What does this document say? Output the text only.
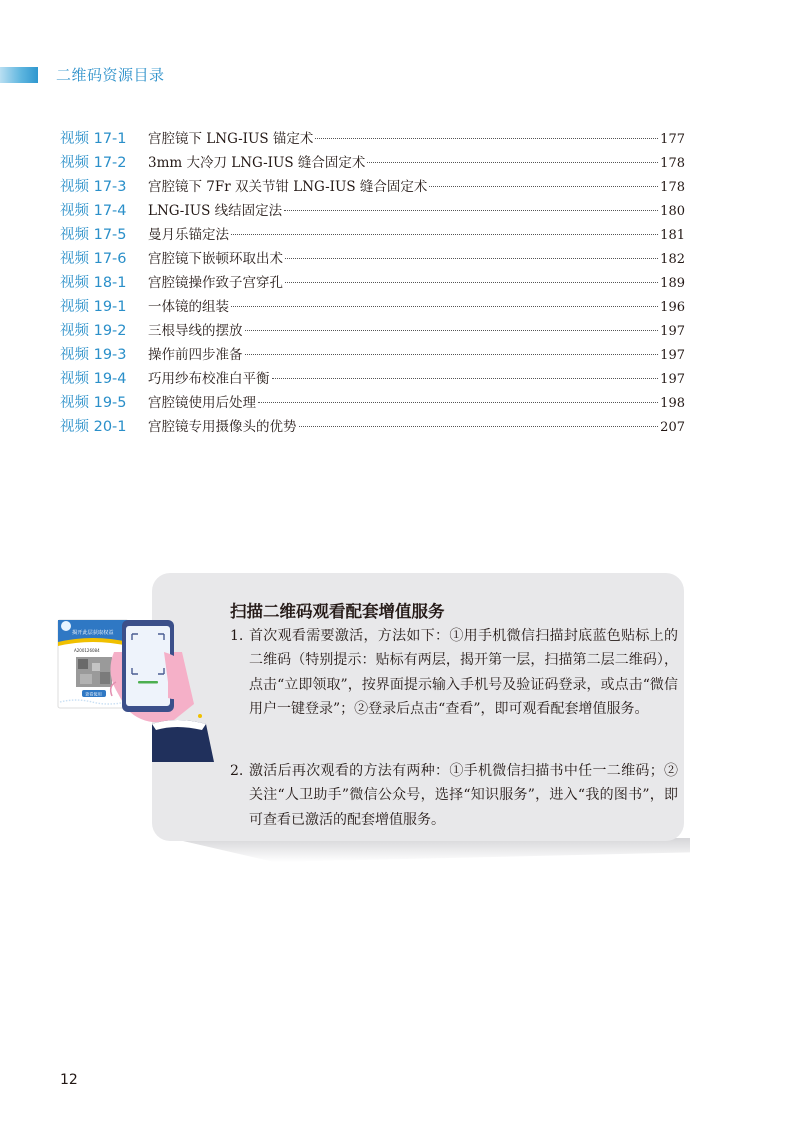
二维码资源目录
视频 17-1	宫腔镜下 LNG-IUS 锚定术	177
视频 17-2	3mm 大冷刀 LNG-IUS 缝合固定术	178
视频 17-3	宫腔镜下 7Fr 双关节钳 LNG-IUS 缝合固定术	178
视频 17-4	LNG-IUS 线结固定法	180
视频 17-5	曼月乐锚定法	181
视频 17-6	宫腔镜下嵌顿环取出术	182
视频 18-1	宫腔镜操作致子宫穿孔	189
视频 19-1	一体镜的组装	196
视频 19-2	三根导线的摆放	197
视频 19-3	操作前四步准备	197
视频 19-4	巧用纱布校准白平衡	197
视频 19-5	宫腔镜使用后处理	198
视频 20-1	宫腔镜专用摄像头的优势	207
揭开此层获取权益
A200126084
查看使用
扫描二维码观看配套增值服务
1. 首次观看需要激活，方法如下：①用手机微信扫描封底蓝色贴标上的二维码（特别提示：贴标有两层，揭开第一层，扫描第二层二维码），点击“立即领取”，按界面提示输入手机号及验证码登录，或点击“微信用户一键登录”；②登录后点击“查看”，即可观看配套增值服务。
2. 激活后再次观看的方法有两种：①手机微信扫描书中任一二维码；②关注“人卫助手”微信公众号，选择“知识服务”，进入“我的图书”，即可查看已激活的配套增值服务。
12
